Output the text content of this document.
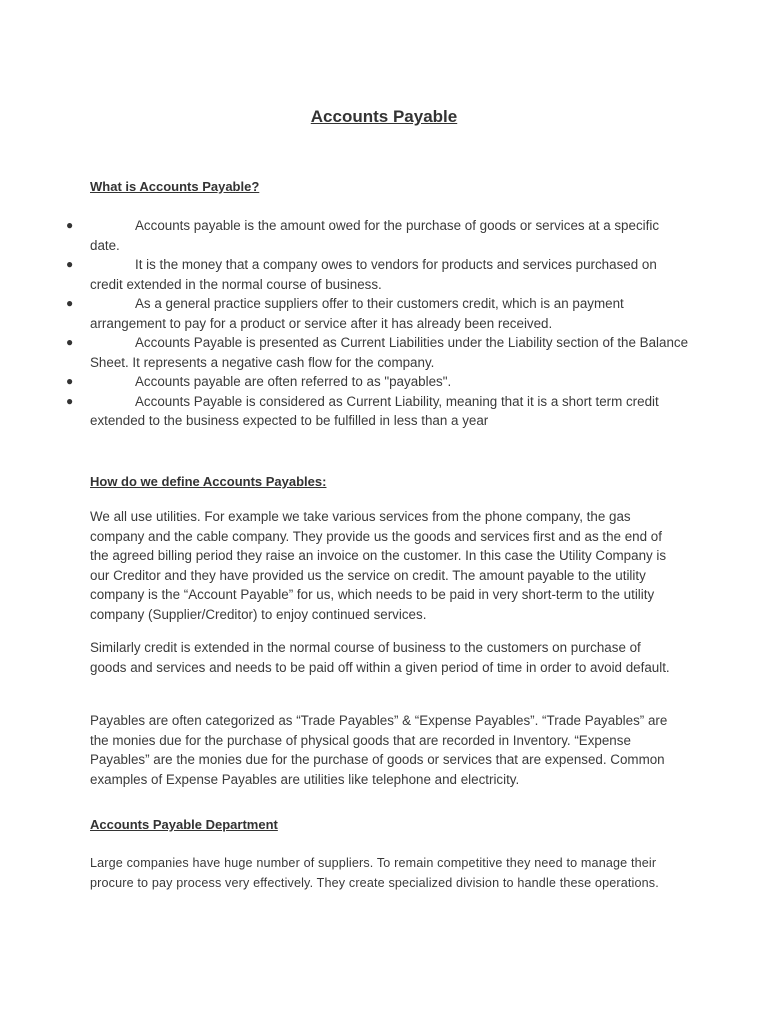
Accounts Payable
What is Accounts Payable?
●	Accounts payable is the amount owed for the purchase of goods or services at a specific date.
●	It is the money that a company owes to vendors for products and services purchased on credit extended in the normal course of business.
●	As a general practice suppliers offer to their customers credit, which is an payment arrangement to pay for a product or service after it has already been received.
●	Accounts Payable is presented as Current Liabilities under the Liability section of the Balance Sheet. It represents a negative cash flow for the company.
●	Accounts payable are often referred to as "payables".
●	Accounts Payable is considered as Current Liability, meaning that it is a short term credit extended to the business expected to be fulfilled in less than a year
How do we define Accounts Payables:

We all use utilities. For example we take various services from the phone company, the gas company and the cable company. They provide us the goods and services first and as the end of the agreed billing period they raise an invoice on the customer. In this case the Utility Company is our Creditor and they have provided us the service on credit. The amount payable to the utility company is the “Account Payable” for us, which needs to be paid in very short-term to the utility company (Supplier/Creditor) to enjoy continued services.

Similarly credit is extended in the normal course of business to the customers on purchase of goods and services and needs to be paid off within a given period of time in order to avoid default.

Payables are often categorized as “Trade Payables” & “Expense Payables”. “Trade Payables” are the monies due for the purchase of physical goods that are recorded in Inventory. “Expense Payables” are the monies due for the purchase of goods or services that are expensed. Common examples of Expense Payables are utilities like telephone and electricity.

Accounts Payable Department

Large companies have huge number of suppliers. To remain competitive they need to manage their procure to pay process very effectively. They create specialized division to handle these operations.
